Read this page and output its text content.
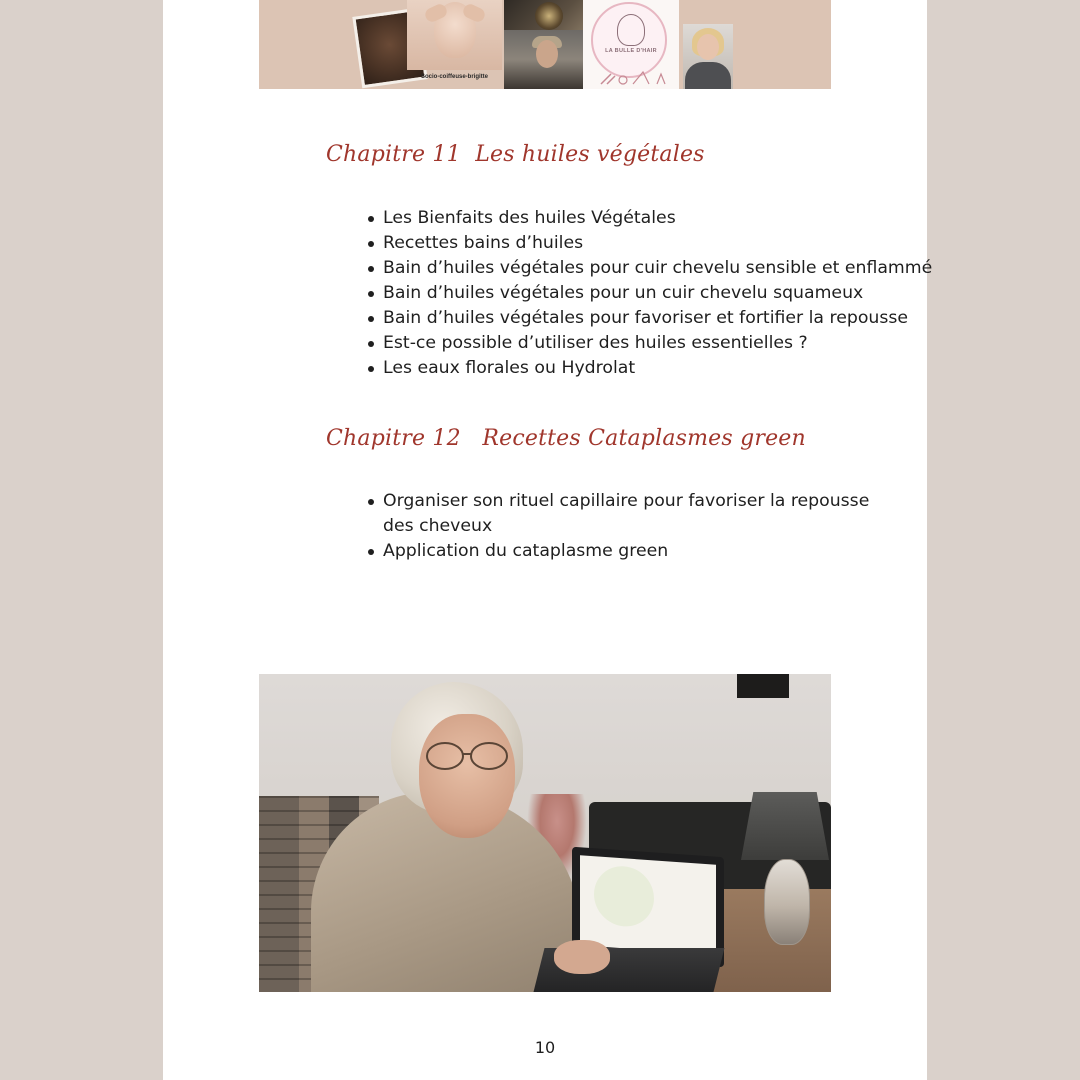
Socio-coiffeuse-brigitte
LA BULLE D'HAIR
Chapitre 11  Les huiles végétales
Les Bienfaits des huiles Végétales
Recettes bains d’huiles
Bain d’huiles végétales pour cuir chevelu sensible et enflammé
Bain d’huiles végétales pour un cuir chevelu squameux
Bain d’huiles végétales pour favoriser et fortifier la repousse
Est-ce possible d’utiliser des huiles essentielles ?
Les eaux florales ou Hydrolat
Chapitre 12   Recettes Cataplasmes green
Organiser son rituel capillaire pour favoriser la repousse
des cheveux
Application du cataplasme green
10
